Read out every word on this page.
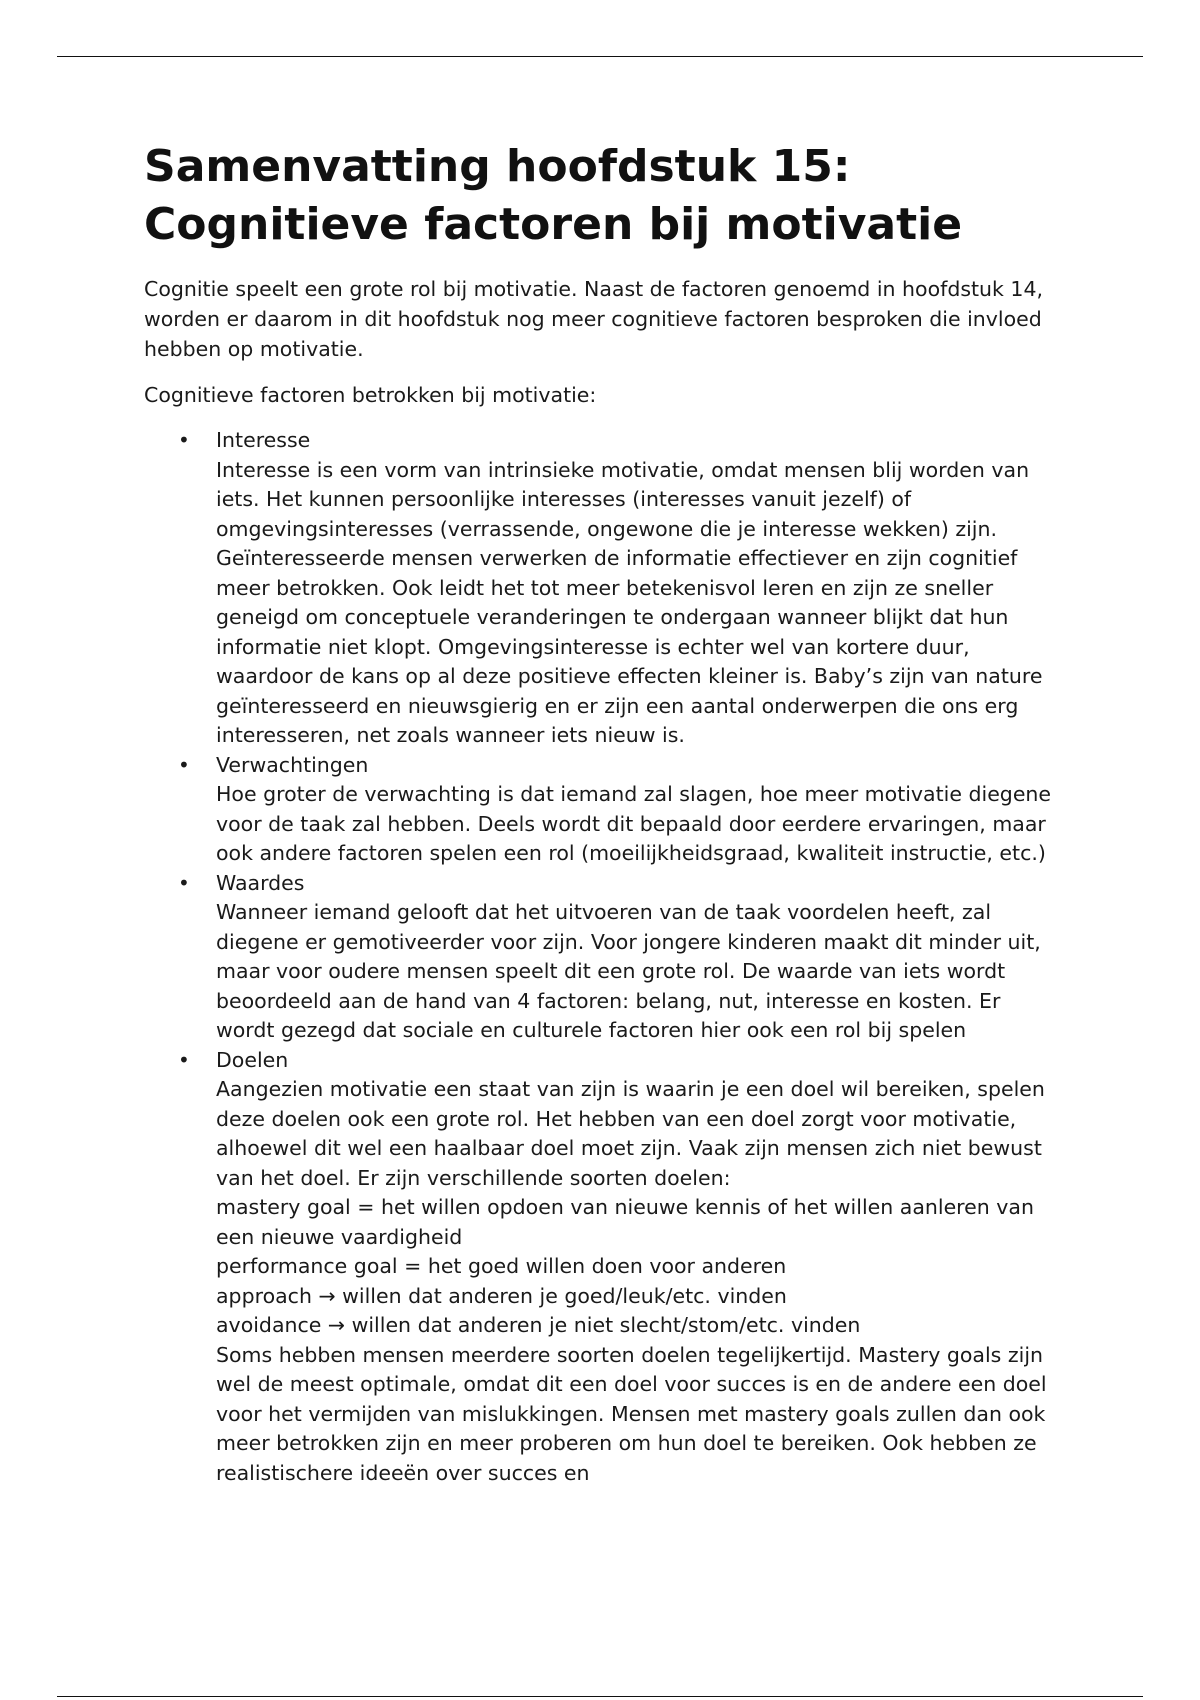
Samenvatting hoofdstuk 15: Cognitieve factoren bij motivatie

Cognitie speelt een grote rol bij motivatie. Naast de factoren genoemd in hoofdstuk 14, worden er daarom in dit hoofdstuk nog meer cognitieve factoren besproken die invloed hebben op motivatie.

Cognitieve factoren betrokken bij motivatie:

• Interesse
Interesse is een vorm van intrinsieke motivatie, omdat mensen blij worden van iets. Het kunnen persoonlijke interesses (interesses vanuit jezelf) of omgevingsinteresses (verrassende, ongewone die je interesse wekken) zijn. Geïnteresseerde mensen verwerken de informatie effectiever en zijn cognitief meer betrokken. Ook leidt het tot meer betekenisvol leren en zijn ze sneller geneigd om conceptuele veranderingen te ondergaan wanneer blijkt dat hun informatie niet klopt. Omgevingsinteresse is echter wel van kortere duur, waardoor de kans op al deze positieve effecten kleiner is. Baby’s zijn van nature geïnteresseerd en nieuwsgierig en er zijn een aantal onderwerpen die ons erg interesseren, net zoals wanneer iets nieuw is.
• Verwachtingen
Hoe groter de verwachting is dat iemand zal slagen, hoe meer motivatie diegene voor de taak zal hebben. Deels wordt dit bepaald door eerdere ervaringen, maar ook andere factoren spelen een rol (moeilijkheidsgraad, kwaliteit instructie, etc.)
• Waardes
Wanneer iemand gelooft dat het uitvoeren van de taak voordelen heeft, zal diegene er gemotiveerder voor zijn. Voor jongere kinderen maakt dit minder uit, maar voor oudere mensen speelt dit een grote rol. De waarde van iets wordt beoordeeld aan de hand van 4 factoren: belang, nut, interesse en kosten. Er wordt gezegd dat sociale en culturele factoren hier ook een rol bij spelen
• Doelen
Aangezien motivatie een staat van zijn is waarin je een doel wil bereiken, spelen deze doelen ook een grote rol. Het hebben van een doel zorgt voor motivatie, alhoewel dit wel een haalbaar doel moet zijn. Vaak zijn mensen zich niet bewust van het doel. Er zijn verschillende soorten doelen:
mastery goal = het willen opdoen van nieuwe kennis of het willen aanleren van een nieuwe vaardigheid
performance goal = het goed willen doen voor anderen
approach → willen dat anderen je goed/leuk/etc. vinden
avoidance → willen dat anderen je niet slecht/stom/etc. vinden
Soms hebben mensen meerdere soorten doelen tegelijkertijd. Mastery goals zijn wel de meest optimale, omdat dit een doel voor succes is en de andere een doel voor het vermijden van mislukkingen. Mensen met mastery goals zullen dan ook meer betrokken zijn en meer proberen om hun doel te bereiken. Ook hebben ze realistischere ideeën over succes en
